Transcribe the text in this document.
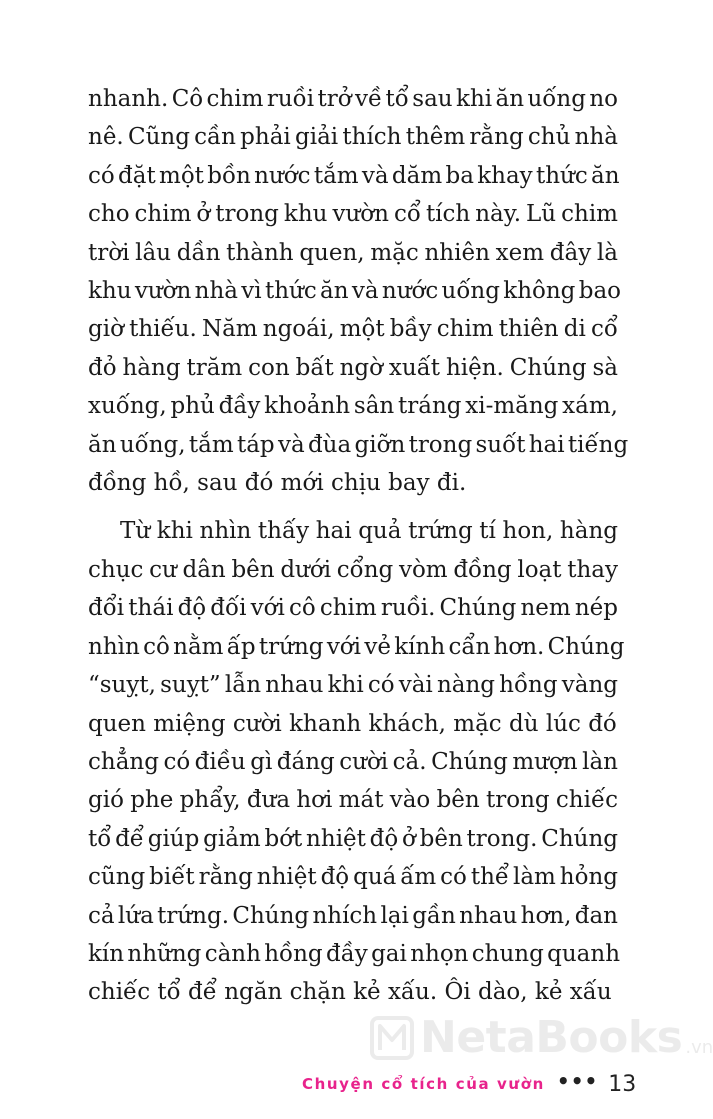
nhanh. Cô chim ruồi trở về tổ sau khi ăn uống no
nê. Cũng cần phải giải thích thêm rằng chủ nhà
có đặt một bồn nước tắm và dăm ba khay thức ăn
cho chim ở trong khu vườn cổ tích này. Lũ chim
trời lâu dần thành quen, mặc nhiên xem đây là
khu vườn nhà vì thức ăn và nước uống không bao
giờ thiếu. Năm ngoái, một bầy chim thiên di cổ
đỏ hàng trăm con bất ngờ xuất hiện. Chúng sà
xuống, phủ đầy khoảnh sân tráng xi-măng xám,
ăn uống, tắm táp và đùa giỡn trong suốt hai tiếng
đồng hồ, sau đó mới chịu bay đi.

Từ khi nhìn thấy hai quả trứng tí hon, hàng
chục cư dân bên dưới cổng vòm đồng loạt thay
đổi thái độ đối với cô chim ruồi. Chúng nem nép
nhìn cô nằm ấp trứng với vẻ kính cẩn hơn. Chúng
“suỵt, suỵt” lẫn nhau khi có vài nàng hồng vàng
quen miệng cười khanh khách, mặc dù lúc đó
chẳng có điều gì đáng cười cả. Chúng mượn làn
gió phe phẩy, đưa hơi mát vào bên trong chiếc
tổ để giúp giảm bớt nhiệt độ ở bên trong. Chúng
cũng biết rằng nhiệt độ quá ấm có thể làm hỏng
cả lứa trứng. Chúng nhích lại gần nhau hơn, đan
kín những cành hồng đầy gai nhọn chung quanh
chiếc tổ để ngăn chặn kẻ xấu. Ôi dào, kẻ xấu

NetaBooks .vn
Chuyện cổ tích của vườn ••• 13
